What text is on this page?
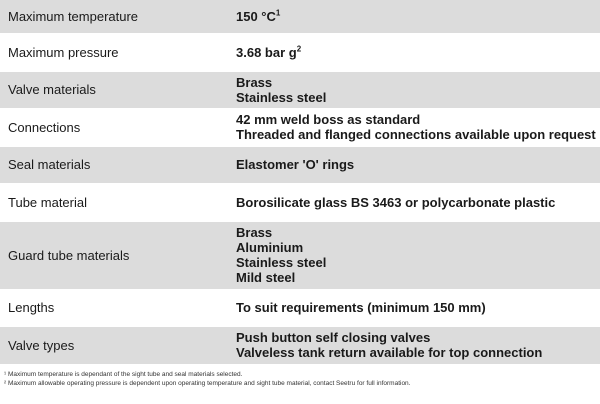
Maximum temperature	150 $^\circ C^1$
Maximum pressure	3.68 bar $g^2$
Valve materials	Brass
Stainless steel

Connections	42 mm weld boss as standard
Threaded and flanged connections available upon request

Seal materials	Elastomer 'O' rings
Tube material	Borosilicate glass BS 3463 or polycarbonate plastic
Guard tube materials	Brass
Aluminium
Stainless steel
Mild steel

Lengths	To suit requirements (minimum 150 mm)
Valve types	Push button self closing valves
Valveless tank return available for top connection
¹ Maximum temperature is dependant of the sight tube and seal materials selected.
² Maximum allowable operating pressure is dependent upon operating temperature and sight tube material, contact Seetru for full information.
